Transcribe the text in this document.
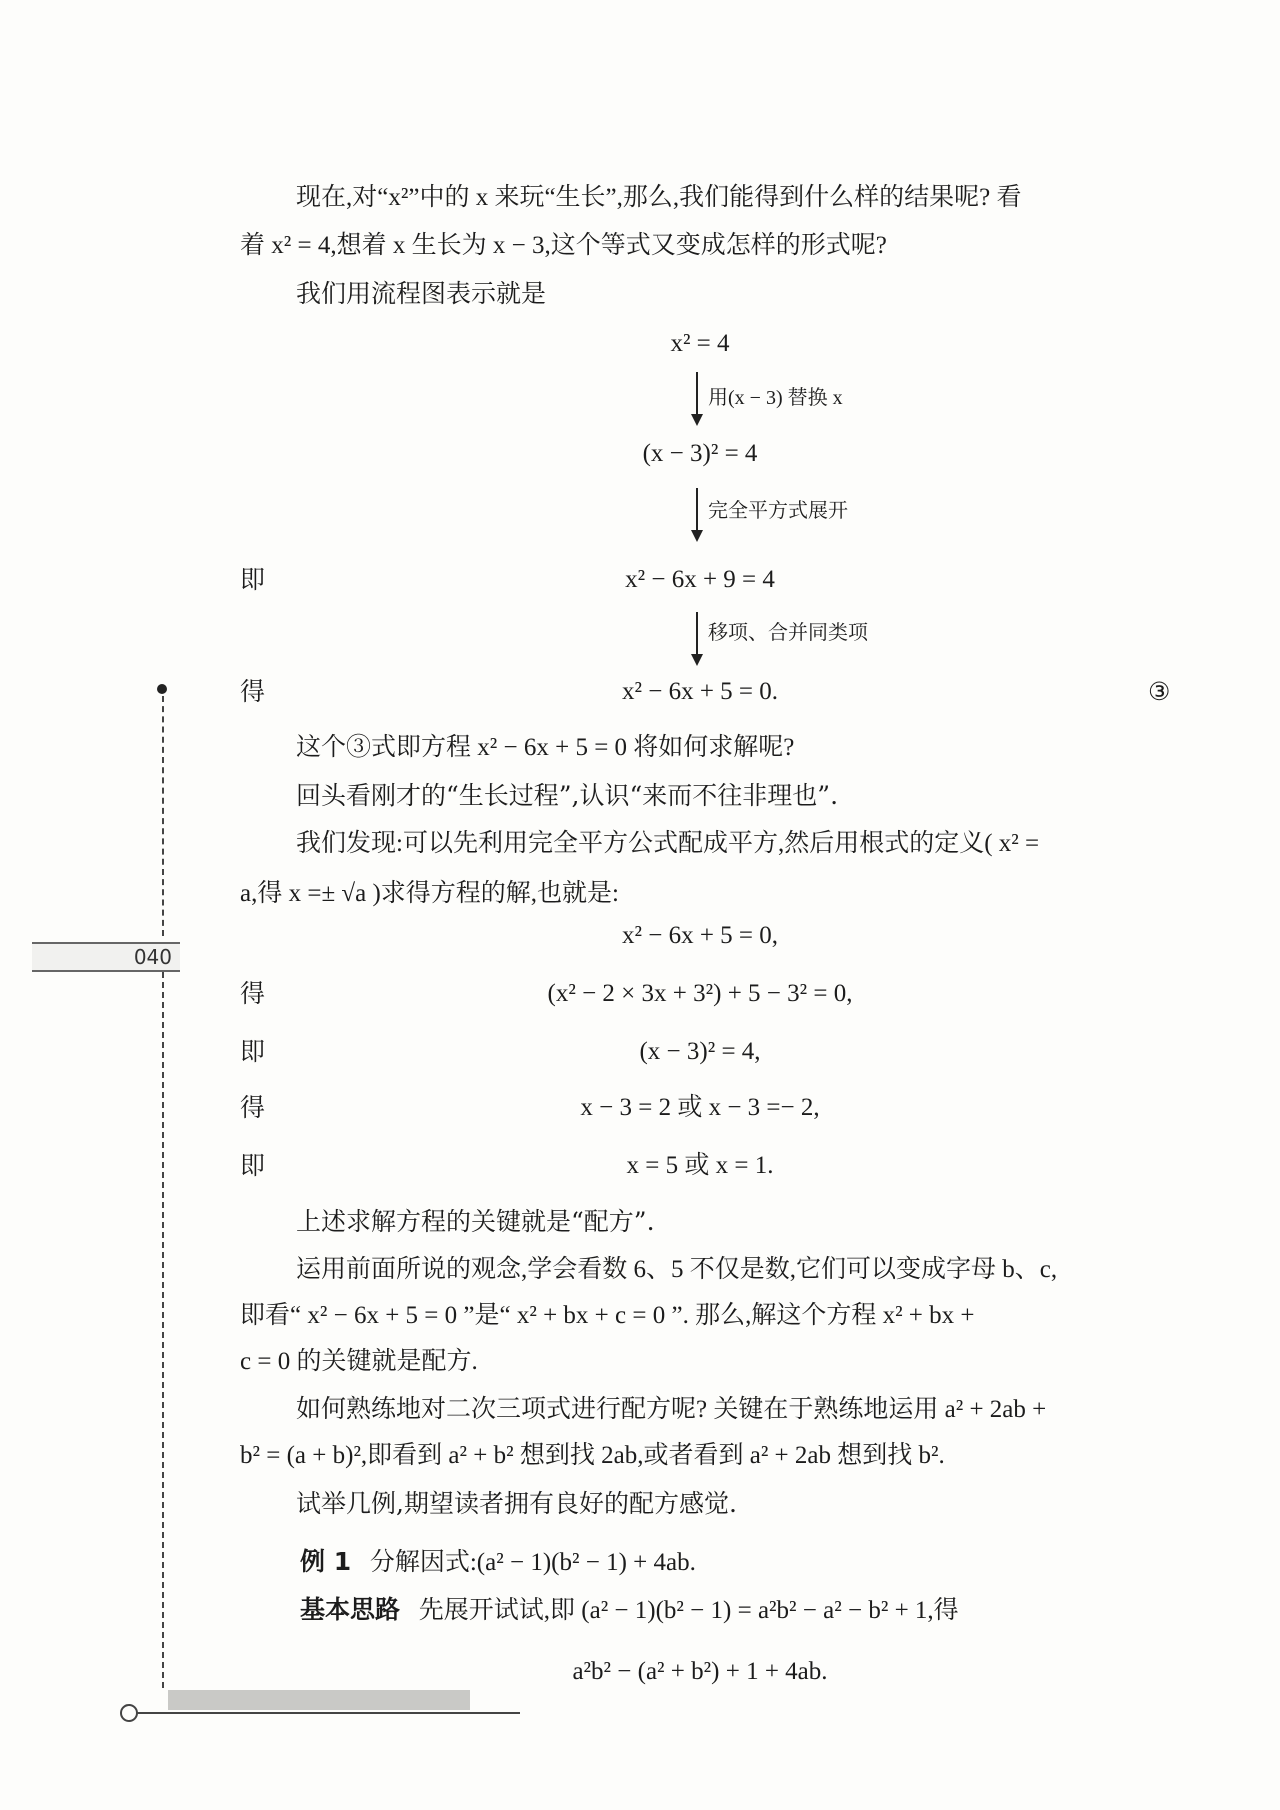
040

现在,对“x²”中的 x 来玩“生长”,那么,我们能得到什么样的结果呢? 看

着 x² = 4,想着 x 生长为 x − 3,这个等式又变成怎样的形式呢?

我们用流程图表示就是

x² = 4
用(x − 3) 替换 x
(x − 3)² = 4
完全平方式展开
即	x² − 6x + 9 = 4
移项、合并同类项
得	x² − 6x + 5 = 0.	③

这个③式即方程 x² − 6x + 5 = 0 将如何求解呢?

回头看刚才的“生长过程”,认识“来而不往非理也”.

我们发现:可以先利用完全平方公式配成平方,然后用根式的定义( x² =

a,得 x =± √a )求得方程的解,也就是:

x² − 6x + 5 = 0,
得	(x² − 2 × 3x + 3²) + 5 − 3² = 0,
即	(x − 3)² = 4,
得	x − 3 = 2 或 x − 3 =− 2,
即	x = 5 或 x = 1.

上述求解方程的关键就是“配方”.

运用前面所说的观念,学会看数 6、5 不仅是数,它们可以变成字母 b、c,

即看“ x² − 6x + 5 = 0 ”是“ x² + bx + c = 0 ”. 那么,解这个方程 x² + bx +

c = 0 的关键就是配方.

如何熟练地对二次三项式进行配方呢? 关键在于熟练地运用 a² + 2ab +

b² = (a + b)²,即看到 a² + b² 想到找 2ab,或者看到 a² + 2ab 想到找 b².

试举几例,期望读者拥有良好的配方感觉.

例 1 分解因式:(a² − 1)(b² − 1) + 4ab.

基本思路 先展开试试,即 (a² − 1)(b² − 1) = a²b² − a² − b² + 1,得

a²b² − (a² + b²) + 1 + 4ab.
